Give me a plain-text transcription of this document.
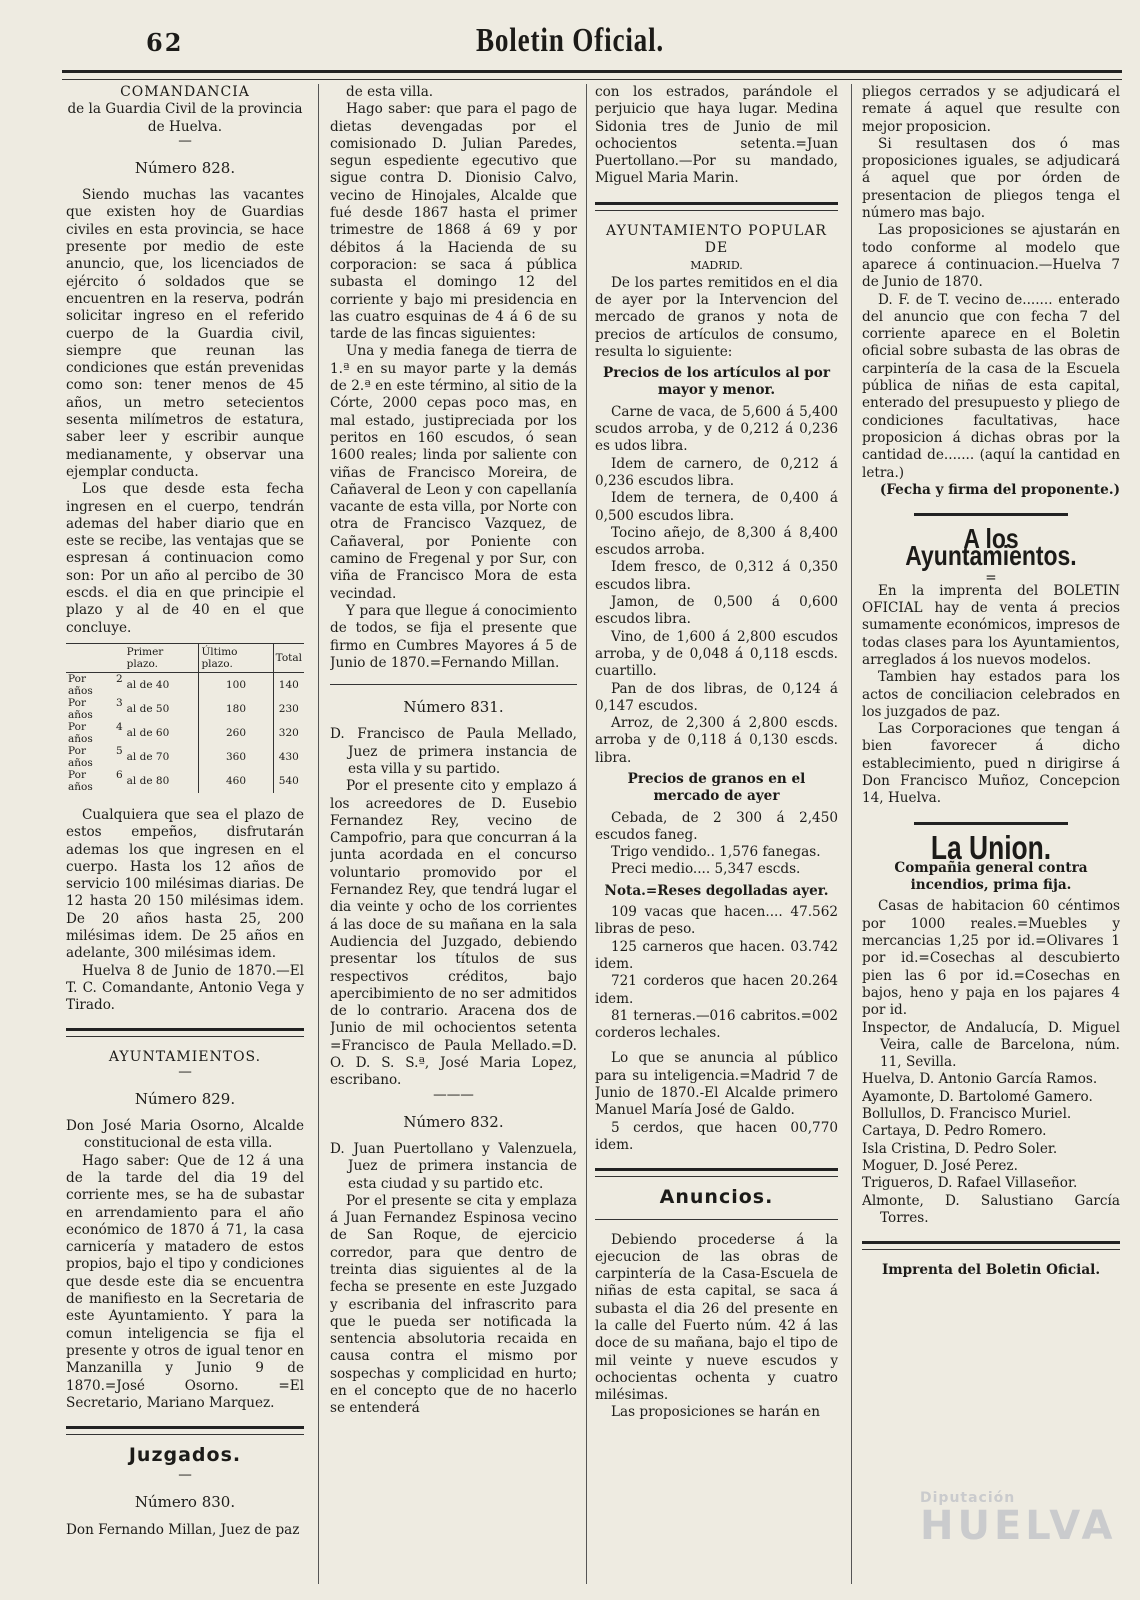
62	Boletin Oficial.

COMANDANCIA

de la Guardia Civil de la provincia de Huelva.

—

Número 828.

Siendo muchas las vacantes que existen hoy de Guardias civiles en esta provincia, se hace presente por medio de este anuncio, que, los licenciados de ejército ó soldados que se encuentren en la reserva, podrán solicitar ingreso en el referido cuerpo de la Guardia civil, siempre que reunan las condiciones que están prevenidas como son: tener menos de 45 años, un metro setecientos sesenta milímetros de estatura, saber leer y escribir aunque medianamente, y observar una ejemplar conducta.

Los que desde esta fecha ingresen en el cuerpo, tendrán ademas del haber diario que en este se recibe, las ventajas que se espresan á continuacion como son: Por un año al percibo de 30 escds. el dia en que principie el plazo y al de 40 en el que concluye.

	Primer plazo.	Último plazo.	Total
Por 2 años	al de 40	100	140
Por 3 años	al de 50	180	230
Por 4 años	al de 60	260	320
Por 5 años	al de 70	360	430
Por 6 años	al de 80	460	540

Cualquiera que sea el plazo de estos empeños, disfrutarán ademas los que ingresen en el cuerpo. Hasta los 12 años de servicio 100 milésimas diarias. De 12 hasta 20 150 milésimas idem. De 20 años hasta 25, 200 milésimas idem. De 25 años en adelante, 300 milésimas idem.

Huelva 8 de Junio de 1870.—El T. C. Comandante, Antonio Vega y Tirado.

AYUNTAMIENTOS.

—

Número 829.

Don José Maria Osorno, Alcalde constitucional de esta villa.

Hago saber: Que de 12 á una de la tarde del dia 19 del corriente mes, se ha de subastar en arrendamiento para el año económico de 1870 á 71, la casa carnicería y matadero de estos propios, bajo el tipo y condiciones que desde este dia se encuentra de manifiesto en la Secretaria de este Ayuntamiento. Y para la comun inteligencia se fija el presente y otros de igual tenor en Manzanilla y Junio 9 de 1870.=José Osorno. =El Secretario, Mariano Marquez.

Juzgados.

—

Número 830.

Don Fernando Millan, Juez de paz

de esta villa.

Hago saber: que para el pago de dietas devengadas por el comisionado D. Julian Paredes, segun espediente egecutivo que sigue contra D. Dionisio Calvo, vecino de Hinojales, Alcalde que fué desde 1867 hasta el primer trimestre de 1868 á 69 y por débitos á la Hacienda de su corporacion: se saca á pública subasta el domingo 12 del corriente y bajo mi presidencia en las cuatro esquinas de 4 á 6 de su tarde de las fincas siguientes:

Una y media fanega de tierra de 1.ª en su mayor parte y la demás de 2.ª en este término, al sitio de la Córte, 2000 cepas poco mas, en mal estado, justipreciada por los peritos en 160 escudos, ó sean 1600 reales; linda por saliente con viñas de Francisco Moreira, de Cañaveral de Leon y con capellanía vacante de esta villa, por Norte con otra de Francisco Vazquez, de Cañaveral, por Poniente con camino de Fregenal y por Sur, con viña de Francisco Mora de esta vecindad.

Y para que llegue á conocimiento de todos, se fija el presente que firmo en Cumbres Mayores á 5 de Junio de 1870.=Fernando Millan.

Número 831.

D. Francisco de Paula Mellado, Juez de primera instancia de esta villa y su partido.

Por el presente cito y emplazo á los acreedores de D. Eusebio Fernandez Rey, vecino de Campofrio, para que concurran á la junta acordada en el concurso voluntario promovido por el Fernandez Rey, que tendrá lugar el dia veinte y ocho de los corrientes á las doce de su mañana en la sala Audiencia del Juzgado, debiendo presentar los títulos de sus respectivos créditos, bajo apercibimiento de no ser admitidos de lo contrario. Aracena dos de Junio de mil ochocientos setenta =Francisco de Paula Mellado.=D. O. D. S. S.ª, José Maria Lopez, escribano.

———

Número 832.

D. Juan Puertollano y Valenzuela, Juez de primera instancia de esta ciudad y su partido etc.

Por el presente se cita y emplaza á Juan Fernandez Espinosa vecino de San Roque, de ejercicio corredor, para que dentro de treinta dias siguientes al de la fecha se presente en este Juzgado y escribania del infrascrito para que le pueda ser notificada la sentencia absolutoria recaida en causa contra el mismo por sospechas y complicidad en hurto; en el concepto que de no hacerlo se entenderá

con los estrados, parándole el perjuicio que haya lugar. Medina Sidonia tres de Junio de mil ochocientos setenta.=Juan Puertollano.—Por su mandado, Miguel Maria Marin.

AYUNTAMIENTO POPULAR DE

MADRID.

De los partes remitidos en el dia de ayer por la Intervencion del mercado de granos y nota de precios de artículos de consumo, resulta lo siguiente:

Precios de los artículos al por mayor y menor.

Carne de vaca, de 5,600 á 5,400 scudos arroba, y de 0,212 á 0,236 es udos libra.

Idem de carnero, de 0,212 á 0,236 escudos libra.

Idem de ternera, de 0,400 á 0,500 escudos libra.

Tocino añejo, de 8,300 á 8,400 escudos arroba.

Idem fresco, de 0,312 á 0,350 escudos libra.

Jamon, de 0,500 á 0,600 escudos libra.

Vino, de 1,600 á 2,800 escudos arroba, y de 0,048 á 0,118 escds. cuartillo.

Pan de dos libras, de 0,124 á 0,147 escudos.

Arroz, de 2,300 á 2,800 escds. arroba y de 0,118 á 0,130 escds. libra.

Precios de granos en el mercado de ayer

Cebada, de 2 300 á 2,450 escudos faneg.

Trigo vendido.. 1,576 fanegas.

Preci medio.... 5,347 escds.

Nota.=Reses degolladas ayer.

109 vacas que hacen.... 47.562 libras de peso.

125 carneros que hacen. 03.742 idem.

721 corderos que hacen 20.264 idem.

81 terneras.—016 cabritos.=002 corderos lechales.

Lo que se anuncia al público para su inteligencia.=Madrid 7 de Junio de 1870.-El Alcalde primero Manuel María José de Galdo.

5 cerdos, que hacen 00,770 idem.

Anuncios.

Debiendo procederse á la ejecucion de las obras de carpintería de la Casa-Escuela de niñas de esta capital, se saca á subasta el dia 26 del presente en la calle del Fuerto núm. 42 á las doce de su mañana, bajo el tipo de mil veinte y nueve escudos y ochocientas ochenta y cuatro milésimas.

Las proposiciones se harán en

pliegos cerrados y se adjudicará el remate á aquel que resulte con mejor proposicion.

Si resultasen dos ó mas proposiciones iguales, se adjudicará á aquel que por órden de presentacion de pliegos tenga el número mas bajo.

Las proposiciones se ajustarán en todo conforme al modelo que aparece á continuacion.—Huelva 7 de Junio de 1870.

D. F. de T. vecino de....... enterado del anuncio que con fecha 7 del corriente aparece en el Boletin oficial sobre subasta de las obras de carpintería de la casa de la Escuela pública de niñas de esta capital, enterado del presupuesto y pliego de condiciones facultativas, hace proposicion á dichas obras por la cantidad de....... (aquí la cantidad en letra.)

(Fecha y firma del proponente.)

A los Ayuntamientos.

=

En la imprenta del BOLETIN OFICIAL hay de venta á precios sumamente económicos, impresos de todas clases para los Ayuntamientos, arreglados á los nuevos modelos.

Tambien hay estados para los actos de conciliacion celebrados en los juzgados de paz.

Las Corporaciones que tengan á bien favorecer á dicho establecimiento, pued n dirigirse á Don Francisco Muñoz, Concepcion 14, Huelva.

La Union.

Compañia general contra incendios, prima fija.

Casas de habitacion 60 céntimos por 1000 reales.=Muebles y mercancias 1,25 por id.=Olivares 1 por id.=Cosechas al descubierto pien las 6 por id.=Cosechas en bajos, heno y paja en los pajares 4 por id.

Inspector, de Andalucía, D. Miguel Veira, calle de Barcelona, núm. 11, Sevilla.

Huelva, D. Antonio García Ramos.

Ayamonte, D. Bartolomé Gamero.

Bollullos, D. Francisco Muriel.

Cartaya, D. Pedro Romero.

Isla Cristina, D. Pedro Soler.

Moguer, D. José Perez.

Trigueros, D. Rafael Villaseñor.

Almonte, D. Salustiano García Torres.

Imprenta del Boletin Oficial.

Diputación
HUELVA
